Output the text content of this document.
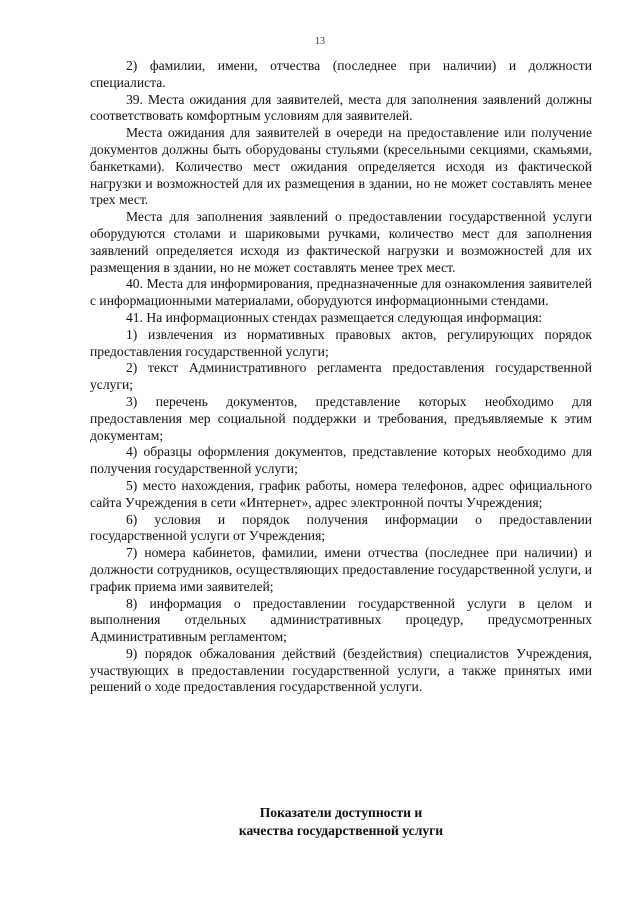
13

2) фамилии, имени, отчества (последнее при наличии) и должности специалиста.

39. Места ожидания для заявителей, места для заполнения заявлений должны соответствовать комфортным условиям для заявителей.

Места ожидания для заявителей в очереди на предоставление или получение документов должны быть оборудованы стульями (кресельными секциями, скамьями, банкетками). Количество мест ожидания определяется исходя из фактической нагрузки и возможностей для их размещения в здании, но не может составлять менее трех мест.

Места для заполнения заявлений о предоставлении государственной услуги оборудуются столами и шариковыми ручками, количество мест для заполнения заявлений определяется исходя из фактической нагрузки и возможностей для их размещения в здании, но не может составлять менее трех мест.

40. Места для информирования, предназначенные для ознакомления заявителей с информационными материалами, оборудуются информационными стендами.

41. На информационных стендах размещается следующая информация:

1) извлечения из нормативных правовых актов, регулирующих порядок предоставления государственной услуги;

2) текст Административного регламента предоставления государственной услуги;

3) перечень документов, представление которых необходимо для предоставления мер социальной поддержки и требования, предъявляемые к этим документам;

4) образцы оформления документов, представление которых необходимо для получения государственной услуги;

5) место нахождения, график работы, номера телефонов, адрес официального сайта Учреждения в сети «Интернет», адрес электронной почты Учреждения;

6) условия и порядок получения информации о предоставлении государственной услуги от Учреждения;

7) номера кабинетов, фамилии, имени отчества (последнее при наличии) и должности сотрудников, осуществляющих предоставление государственной услуги, и график приема ими заявителей;

8) информация о предоставлении государственной услуги в целом и выполнения отдельных административных процедур, предусмотренных Административным регламентом;

9) порядок обжалования действий (бездействия) специалистов Учреждения, участвующих в предоставлении государственной услуги, а также принятых ими решений о ходе предоставления государственной услуги.

Показатели доступности и
качества государственной услуги
